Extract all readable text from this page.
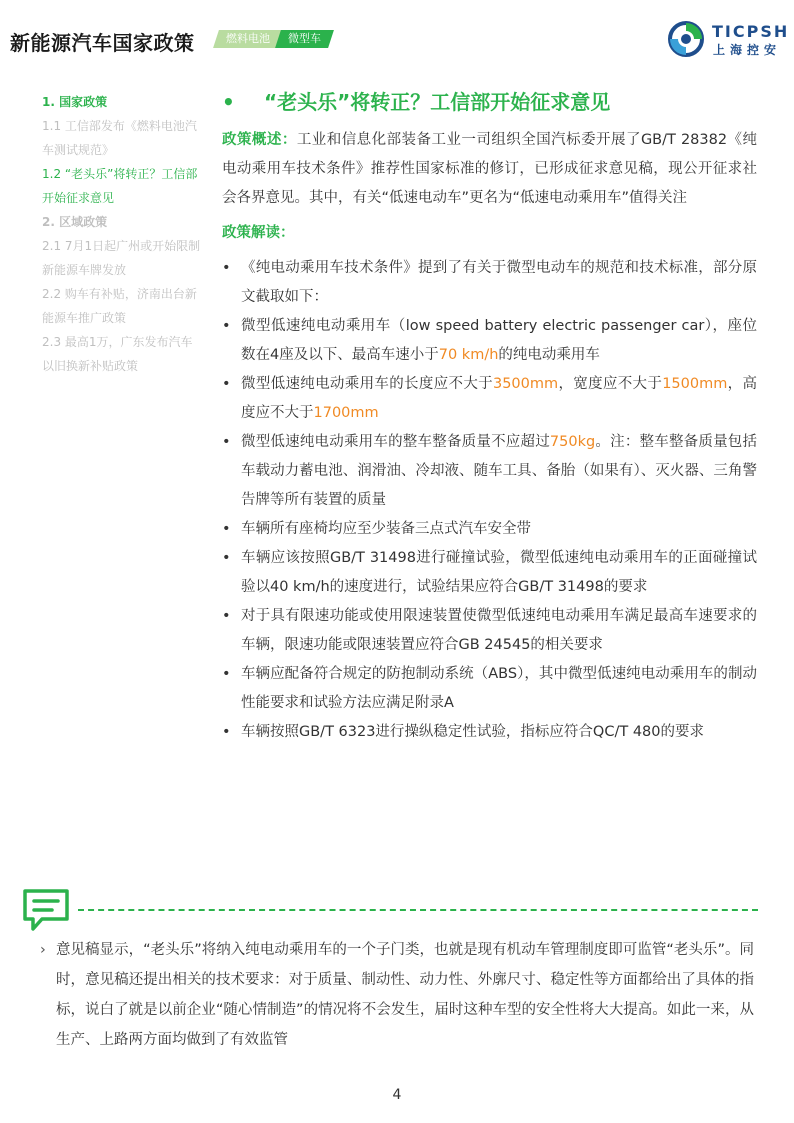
新能源汽车国家政策	燃料电池	微型车	TICPSH
上海控安
1. 国家政策
1.1 工信部发布《燃料电池汽车测试规范》
1.2 “老头乐”将转正？工信部开始征求意见
2. 区域政策
2.1 7月1日起广州或开始限制新能源车牌发放
2.2 购车有补贴，济南出台新能源车推广政策
2.3 最高1万，广东发布汽车以旧换新补贴政策
• “老头乐”将转正？工信部开始征求意见

政策概述：工业和信息化部装备工业一司组织全国汽标委开展了GB/T 28382《纯电动乘用车技术条件》推荐性国家标准的修订，已形成征求意见稿，现公开征求社会各界意见。其中，有关“低速电动车”更名为“低速电动乘用车”值得关注

政策解读：
• 《纯电动乘用车技术条件》提到了有关于微型电动车的规范和技术标准，部分原文截取如下：
• 微型低速纯电动乘用车（low speed battery electric passenger car），座位数在4座及以下、最高车速小于70 km/h的纯电动乘用车
• 微型低速纯电动乘用车的长度应不大于3500mm，宽度应不大于1500mm，高度应不大于1700mm
• 微型低速纯电动乘用车的整车整备质量不应超过750kg。注：整车整备质量包括车载动力蓄电池、润滑油、冷却液、随车工具、备胎（如果有）、灭火器、三角警告牌等所有装置的质量
• 车辆所有座椅均应至少装备三点式汽车安全带
• 车辆应该按照GB/T 31498进行碰撞试验，微型低速纯电动乘用车的正面碰撞试验以40 km/h的速度进行，试验结果应符合GB/T 31498的要求
• 对于具有限速功能或使用限速装置使微型低速纯电动乘用车满足最高车速要求的车辆，限速功能或限速装置应符合GB 24545的相关要求
• 车辆应配备符合规定的防抱制动系统（ABS），其中微型低速纯电动乘用车的制动性能要求和试验方法应满足附录A
• 车辆按照GB/T 6323进行操纵稳定性试验，指标应符合QC/T 480的要求
› 意见稿显示，“老头乐”将纳入纯电动乘用车的一个子门类，也就是现有机动车管理制度即可监管“老头乐”。同时，意见稿还提出相关的技术要求：对于质量、制动性、动力性、外廓尺寸、稳定性等方面都给出了具体的指标，说白了就是以前企业“随心情制造”的情况将不会发生，届时这种车型的安全性将大大提高。如此一来，从生产、上路两方面均做到了有效监管
4
